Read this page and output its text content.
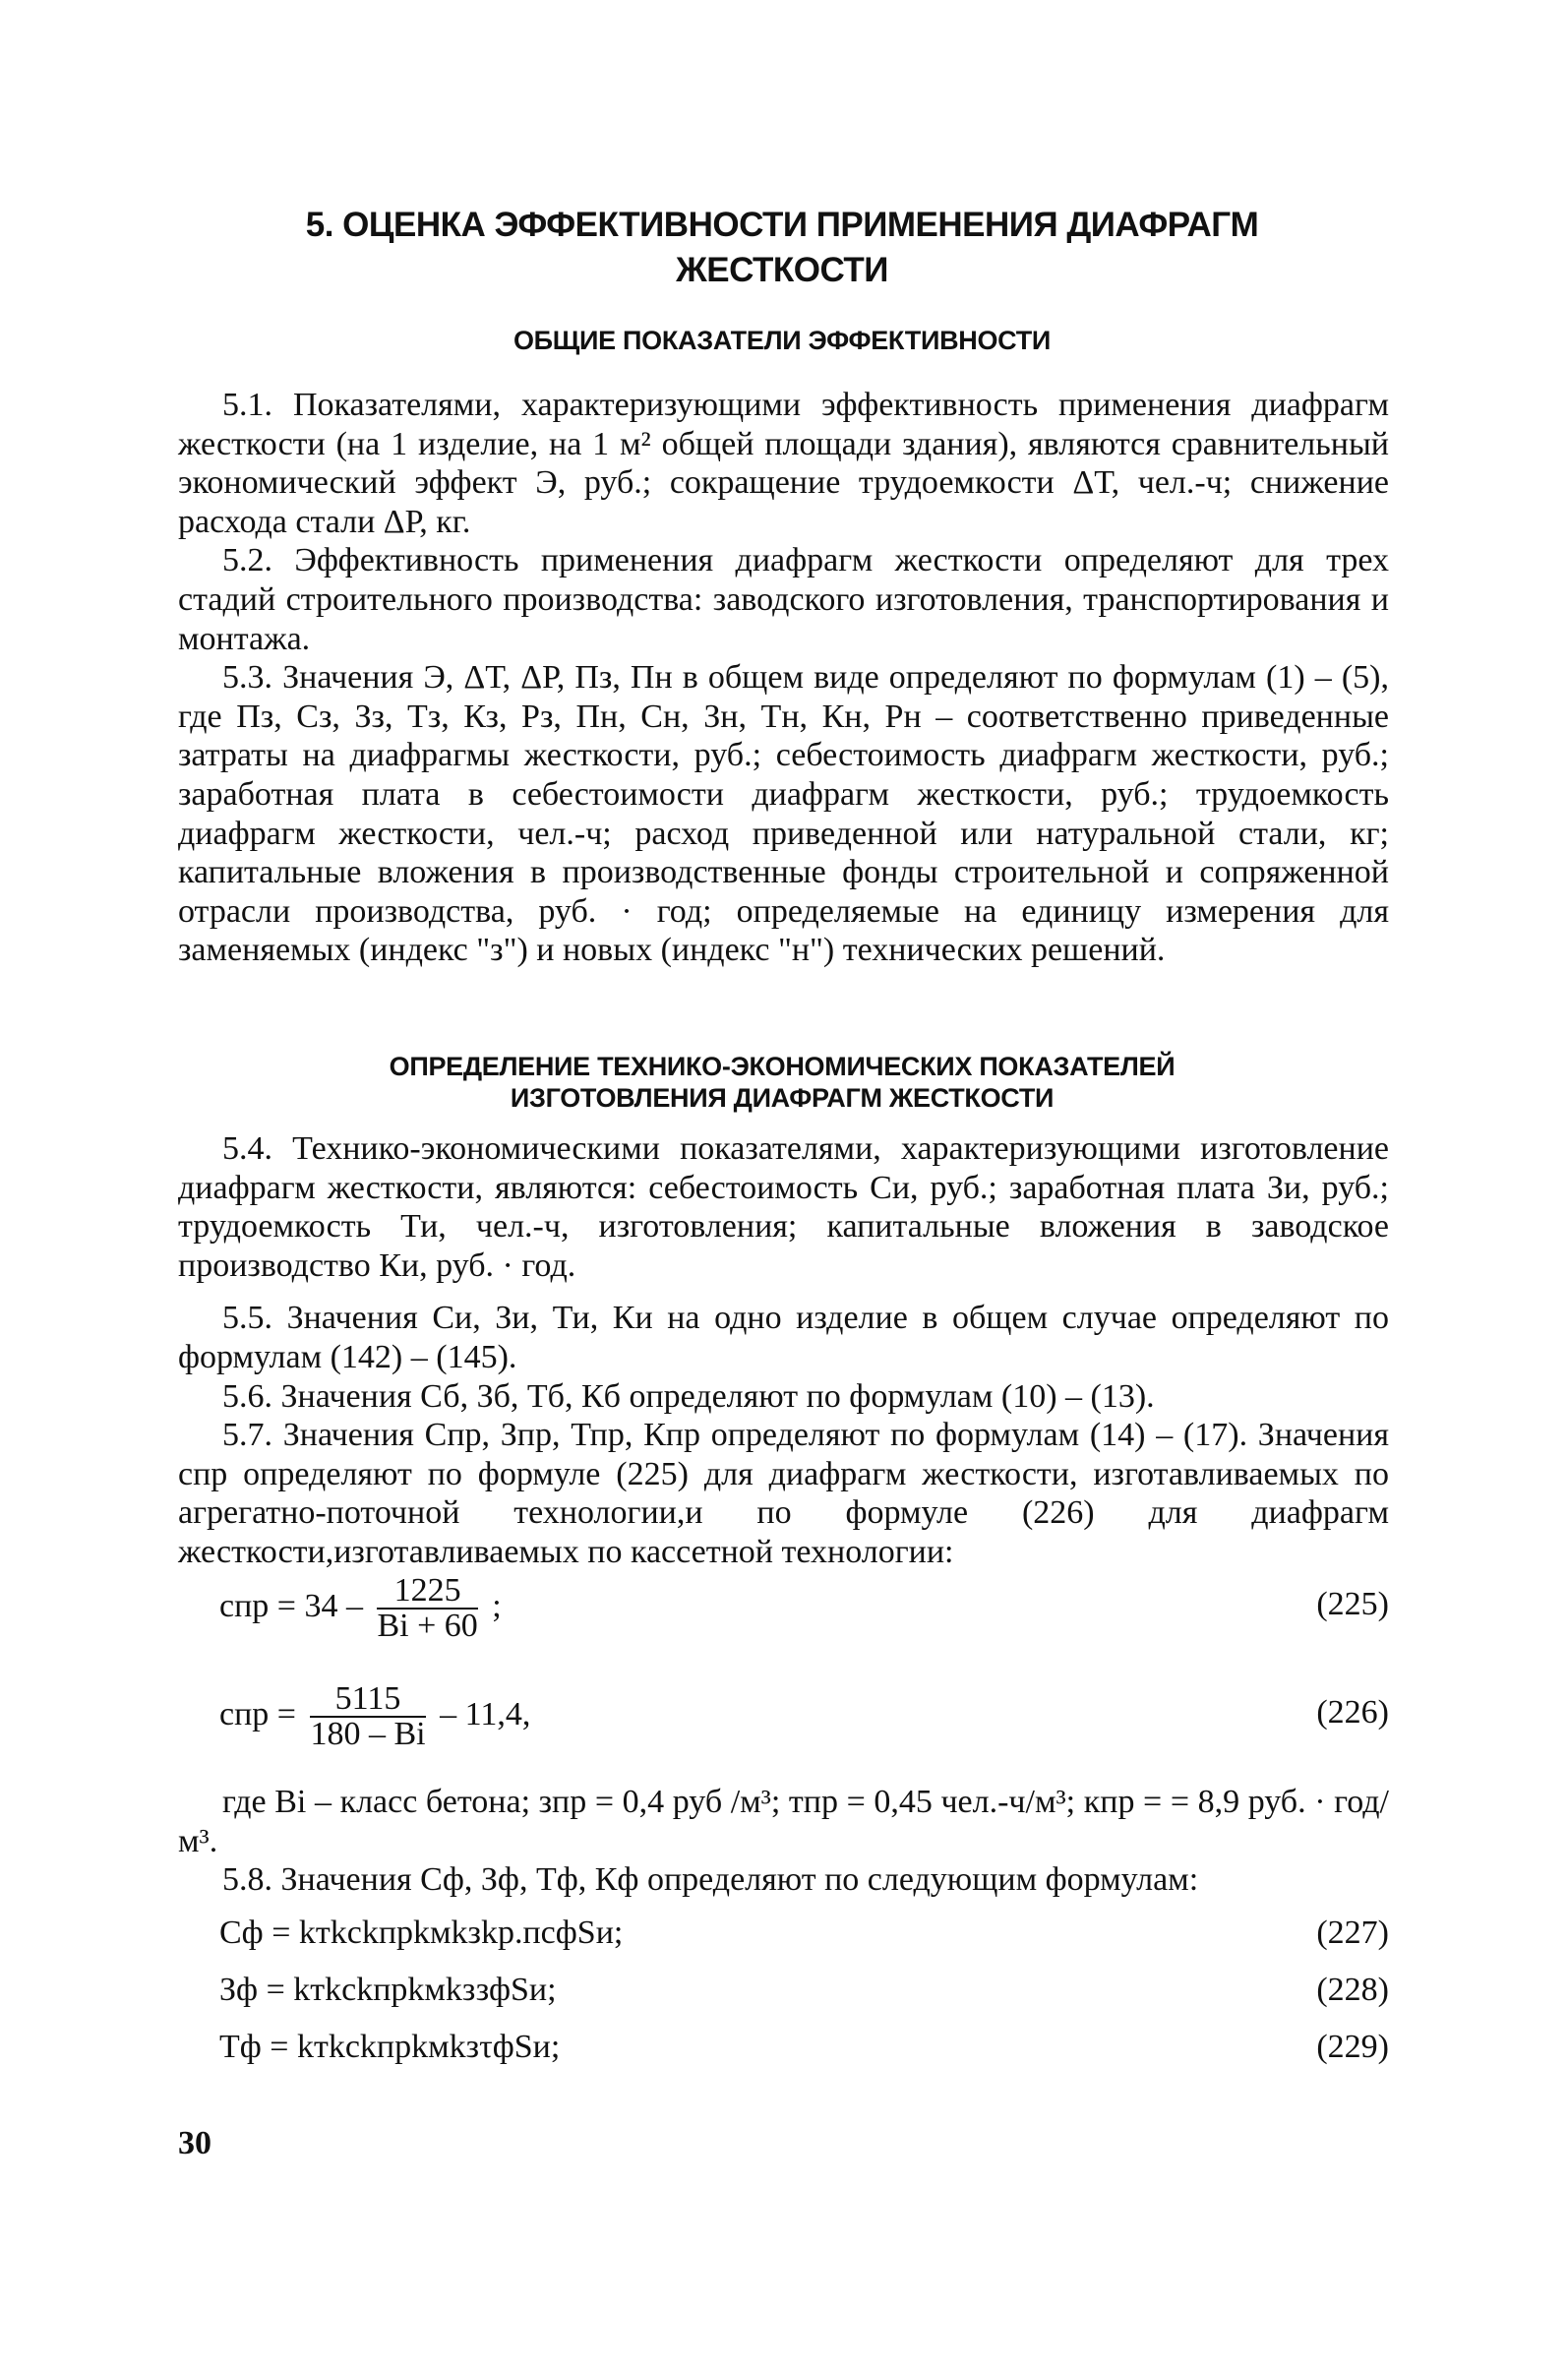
5. ОЦЕНКА ЭФФЕКТИВНОСТИ ПРИМЕНЕНИЯ ДИАФРАГМ
ЖЕСТКОСТИ
ОБЩИЕ ПОКАЗАТЕЛИ ЭФФЕКТИВНОСТИ

5.1. Показателями, характеризующими эффективность применения диафрагм жесткости (на 1 изделие, на 1 м² общей площади здания), являются сравнительный экономический эффект Э, руб.; сокращение трудоемкости ΔТ, чел.-ч; снижение расхода стали ΔР, кг.

5.2. Эффективность применения диафрагм жесткости определяют для трех стадий строительного производства: заводского изготовления, транспортирования и монтажа.

5.3. Значения Э, ΔТ, ΔР, Пз, Пн в общем виде определяют по формулам (1) – (5), где Пз, Сз, Зз, Тз, Кз, Рз, Пн, Сн, Зн, Тн, Кн, Рн – соответственно приведенные затраты на диафрагмы жесткости, руб.; себестоимость диафрагм жесткости, руб.; заработная плата в себестоимости диафрагм жесткости, руб.; трудоемкость диафрагм жесткости, чел.-ч; расход приведенной или натуральной стали, кг; капитальные вложения в производственные фонды строительной и сопряженной отрасли производства, руб. · год; определяемые на единицу измерения для заменяемых (индекс "з") и новых (индекс "н") технических решений.

ОПРЕДЕЛЕНИЕ ТЕХНИКО-ЭКОНОМИЧЕСКИХ ПОКАЗАТЕЛЕЙ
ИЗГОТОВЛЕНИЯ ДИАФРАГМ ЖЕСТКОСТИ

5.4. Технико-экономическими показателями, характеризующими изготовление диафрагм жесткости, являются: себестоимость Си, руб.; заработная плата Зи, руб.; трудоемкость Ти, чел.-ч, изготовления; капитальные вложения в заводское производство Ки, руб. · год.

5.5. Значения Си, Зи, Ти, Ки на одно изделие в общем случае определяют по формулам (142) – (145).

5.6. Значения Сб, Зб, Тб, Кб определяют по формулам (10) – (13).

5.7. Значения Спр, Зпр, Тпр, Кпр определяют по формулам (14) – (17). Значения cпр определяют по формуле (225) для диафрагм жесткости, изготавливаемых по агрегатно-поточной технологии,и по формуле (226) для диафрагм жесткости,изготавливаемых по кассетной технологии:

cпр = $34 - \frac{1225}{Bi + 60}$ ;	(225)
cпр = $\frac{5115}{180 - Bi} - 11,4$,	(226)

где Bi – класс бетона; зпр = 0,4 руб /м³; тпр = 0,45 чел.-ч/м³; кпр = = 8,9 руб. · год/м³.

5.8. Значения Сф, Зф, Тф, Кф определяют по следующим формулам:

Сф = kтkckпрkмkзkр.пcфSи;	(227)
Зф = kтkckпрkмkззфSи;	(228)
Тф = kтkckпрkмkзτфSи;	(229)
30
